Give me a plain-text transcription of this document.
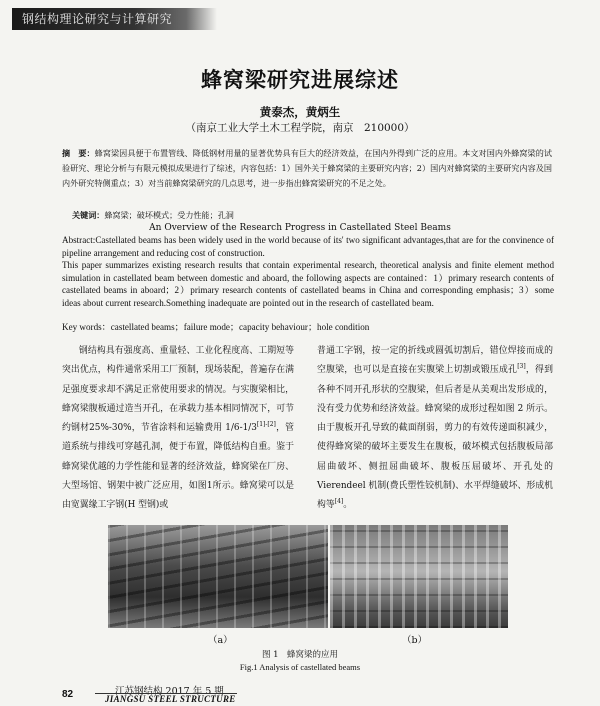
钢结构理论研究与计算研究
蜂窝梁研究进展综述
黄泰杰，黄炳生
（南京工业大学土木工程学院，南京　210000）
摘　要：蜂窝梁因具便于布置管线、降低钢材用量的显著优势具有巨大的经济效益，在国内外得到广泛的应用。本文对国内外蜂窝梁的试验研究、理论分析与有限元模拟成果进行了综述，内容包括：1）国外关于蜂窝梁的主要研究内容；2）国内对蜂窝梁的主要研究内容及国内外研究特侧重点；3）对当前蜂窝梁研究的几点思考，进一步指出蜂窝梁研究的不足之处。
关键词：蜂窝梁；破坏模式；受力性能；孔洞
An Overview of the Research Progress in Castellated Steel Beams

Abstract:Castellated beams has been widely used in the world because of its' two significant advantages,that are for the convinence of pipeline arrangement and reducing cost of construction.

This paper summarizes existing research results that contain experimental research, theoretical analysis and finite element method simulation in castellated beam between domestic and aboard, the following aspects are contained：1）primary research contents of castellated beams in aboard；2）primary research contents of castellated beams in China and corresponding emphasis；3）some ideas about current research.Something inadequate are pointed out in the research of castellated beam.

Key words：castellated beams；failure mode；capacity behaviour；hole condition

钢结构具有强度高、重量轻、工业化程度高、工期短等突出优点，构件通常采用工厂预制，现场装配，普遍存在满足强度要求却不满足正常使用要求的情况。与实腹梁相比，蜂窝梁腹板通过造当开孔，在承载力基本相同情况下，可节约钢材25%-30%，节省涂料和运输费用 1/6-1/3[1]-[2]，管道系统与排线可穿越孔洞，便于布置，降低结构自重。鉴于蜂窝梁优越的力学性能和显著的经济效益，蜂窝梁在厂房、大型场馆、钢架中被广泛应用，如图1所示。蜂窝梁可以是由宽翼缘工字钢(H 型钢)或

普通工字钢，按一定的折线或圆弧切割后，错位焊接而成的空腹梁，也可以是直接在实腹梁上切割或锻压成孔[3]，得到各种不同开孔形状的空腹梁，但后者是从美观出发形成的，没有受力优势和经济效益。蜂窝梁的成形过程如图 2 所示。由于腹板开孔导致的截面削弱，剪力的有效传递面积减少，使得蜂窝梁的破坏主要发生在腹板，破坏模式包括腹板局部屈曲破坏、侧扭屈曲破坏、腹板压屈破坏、开孔处的 Vierendeel 机制(费氏塑性铰机制)、水平焊缝破坏、形成机构等[4]。

（a）	（b）
图 1　蜂窝梁的应用
Fig.1 Analysis of castellated beams
82	江苏钢结构 2017 年 5 期
JIANGSU STEEL STRUCTURE
